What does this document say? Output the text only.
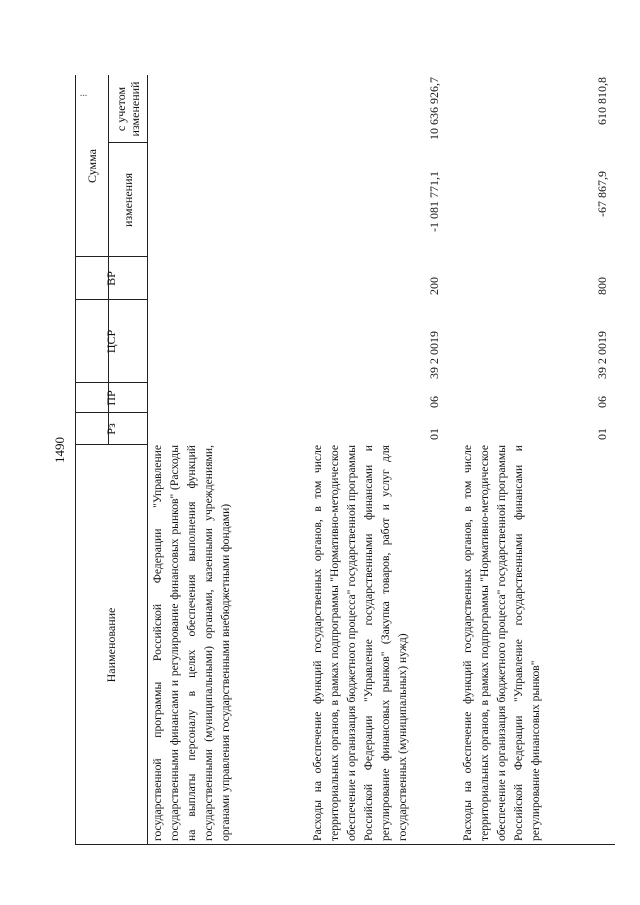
1490
Наименование
Рз
ПР
ЦСР
ВР
Сумма
изменения
с учетом изменений
⁝
государственной программы Российской Федерации "Управление государственными финансами и регулирование финансовых рынков" (Расходы на выплаты персоналу в целях обеспечения выполнения функций государственными (муниципальными) органами, казенными учреждениями, органами управления государственными внебюджетными фондами)	Расходы на обеспечение функций государственных органов, в том числе территориальных органов, в рамках подпрограммы "Нормативно-методическое обеспечение и организация бюджетного процесса" государственной программы Российской Федерации "Управление государственными финансами и регулирование финансовых рынков" (Закупка товаров, работ и услуг для государственных (муниципальных) нужд)
01
06
39 2 0019
200
-1 081 771,1
10 636 926,7
Расходы на обеспечение функций государственных органов, в том числе территориальных органов, в рамках подпрограммы "Нормативно-методическое обеспечение и организация бюджетного процесса" государственной программы Российской Федерации "Управление государственными финансами и регулирование финансовых рынков"
01
06
39 2 0019
800
-67 867,9
610 810,8
